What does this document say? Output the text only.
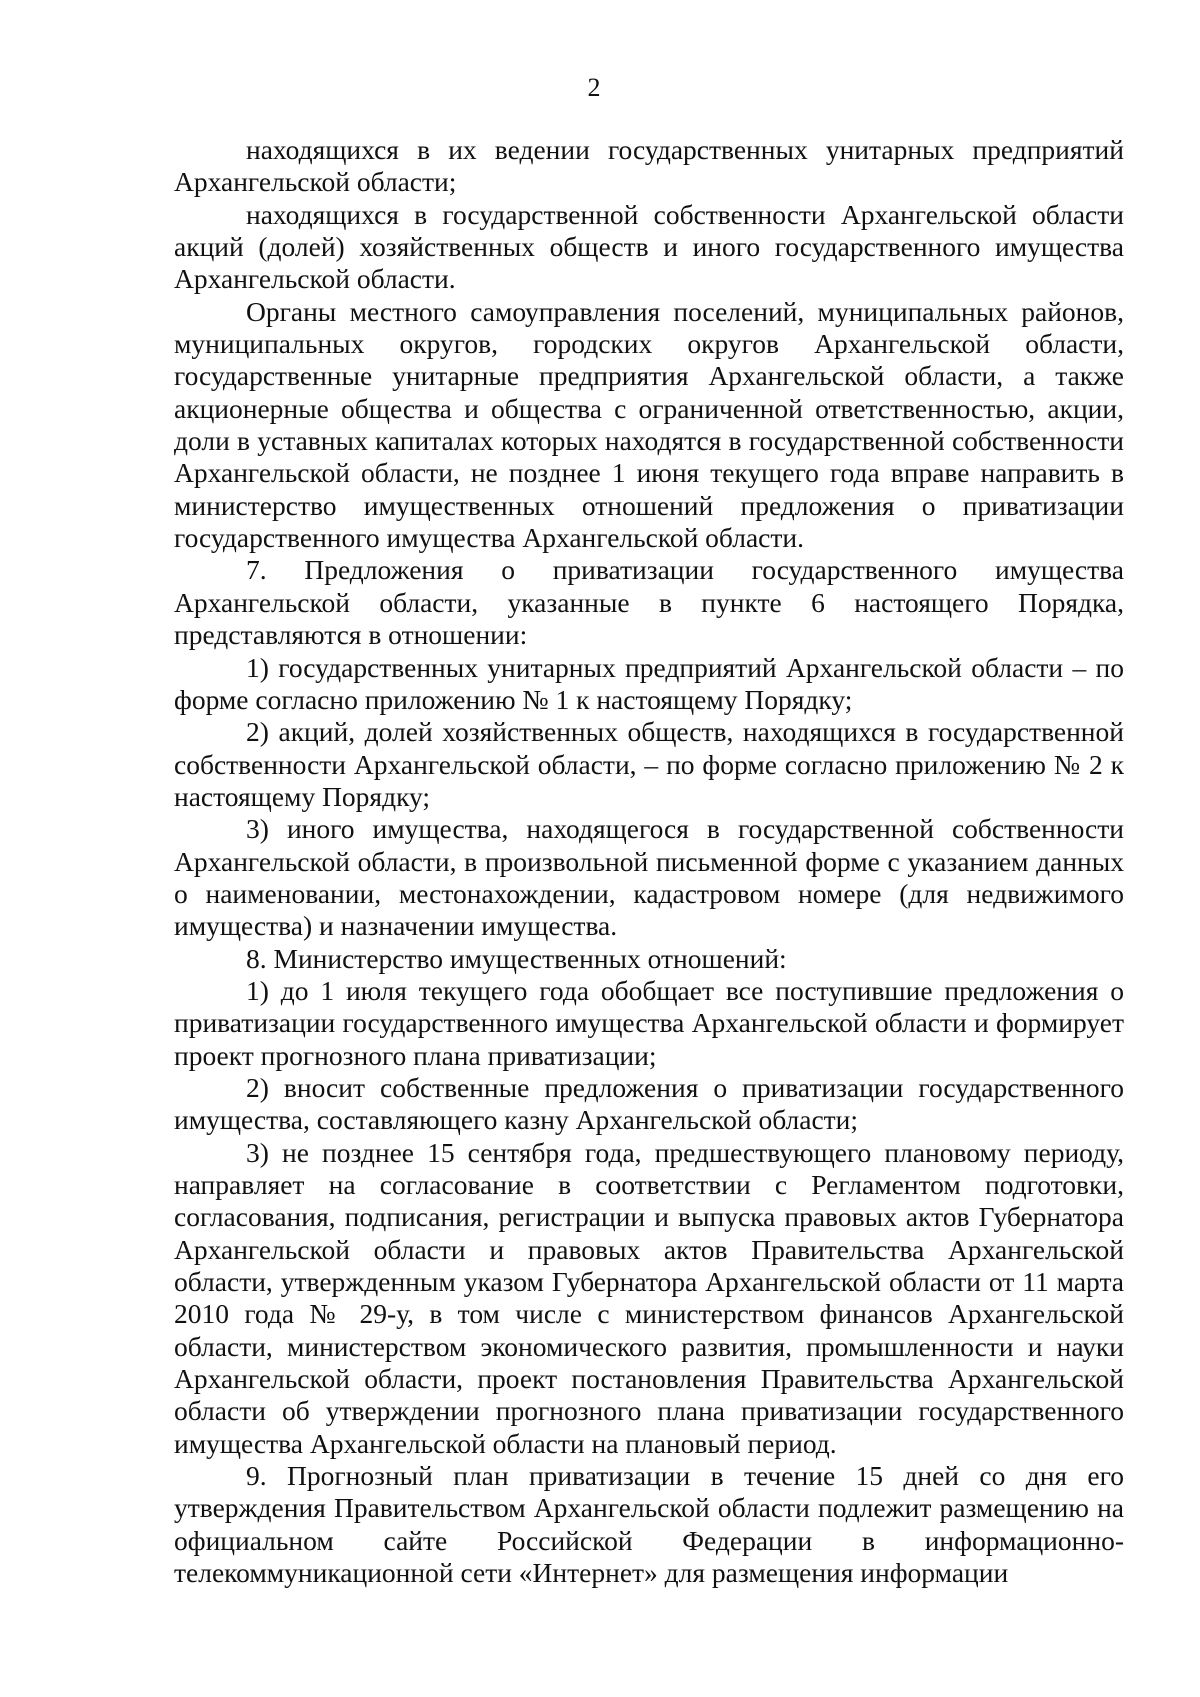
2

находящихся в их ведении государственных унитарных предприятий Архангельской области;

находящихся в государственной собственности Архангельской области акций (долей) хозяйственных обществ и иного государственного имущества Архангельской области.

Органы местного самоуправления поселений, муниципальных районов, муниципальных округов, городских округов Архангельской области, государственные унитарные предприятия Архангельской области, а также акционерные общества и общества с ограниченной ответственностью, акции, доли в уставных капиталах которых находятся в государственной собственности Архангельской области, не позднее 1 июня текущего года вправе направить в министерство имущественных отношений предложения о приватизации государственного имущества Архангельской области.

7. Предложения о приватизации государственного имущества Архангельской области, указанные в пункте 6 настоящего Порядка, представляются в отношении:

1) государственных унитарных предприятий Архангельской области – по форме согласно приложению № 1 к настоящему Порядку;

2) акций, долей хозяйственных обществ, находящихся в государственной собственности Архангельской области, – по форме согласно приложению № 2 к настоящему Порядку;

3) иного имущества, находящегося в государственной собственности Архангельской области, в произвольной письменной форме с указанием данных о наименовании, местонахождении, кадастровом номере (для недвижимого имущества) и назначении имущества.

8. Министерство имущественных отношений:

1) до 1 июля текущего года обобщает все поступившие предложения о приватизации государственного имущества Архангельской области и формирует проект прогнозного плана приватизации;

2) вносит собственные предложения о приватизации государственного имущества, составляющего казну Архангельской области;

3) не позднее 15 сентября года, предшествующего плановому периоду, направляет на согласование в соответствии с Регламентом подготовки, согласования, подписания, регистрации и выпуска правовых актов Губернатора Архангельской области и правовых актов Правительства Архангельской области, утвержденным указом Губернатора Архангельской области от 11 марта 2010 года № 29-у, в том числе с министерством финансов Архангельской области, министерством экономического развития, промышленности и науки Архангельской области, проект постановления Правительства Архангельской области об утверждении прогнозного плана приватизации государственного имущества Архангельской области на плановый период.

9. Прогнозный план приватизации в течение 15 дней со дня его утверждения Правительством Архангельской области подлежит размещению на официальном сайте Российской Федерации в информационно-телекоммуникационной сети «Интернет» для размещения информации
